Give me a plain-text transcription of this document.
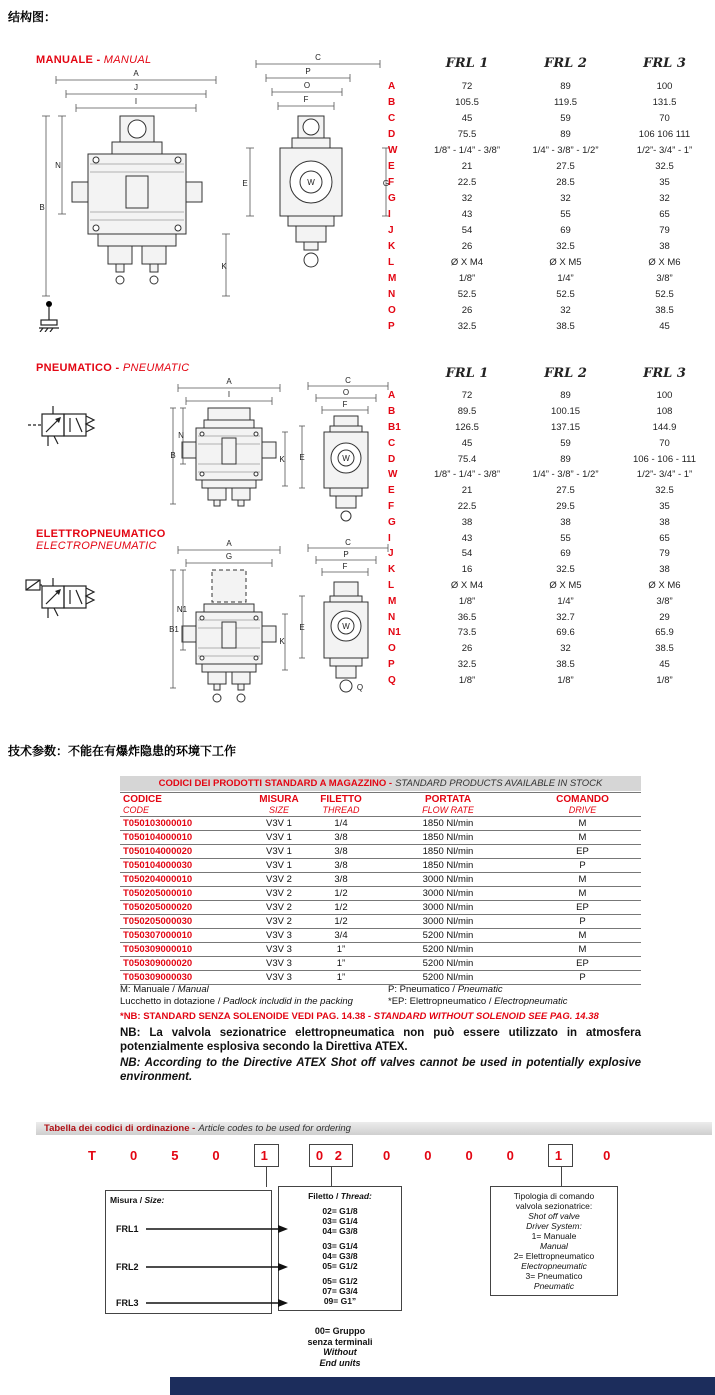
结构图：
MANUALE - MANUAL
A
J
I
B
N
K
C
P
O
F
G
E	W
	FRL 1	FRL 2	FRL 3
A	72	89	100
B	105.5	119.5	131.5
C	45	59	70
D	75.5	89	106 106 111
W	1/8” - 1/4” - 3/8”	1/4” - 3/8” - 1/2”	1/2”- 3/4” - 1”
E	21	27.5	32.5
F	22.5	28.5	35
G	32	32	32
I	43	55	65
J	54	69	79
K	26	32.5	38
L	Ø X M4	Ø X M5	Ø X M6
M	1/8”	1/4”	3/8”
N	52.5	52.5	52.5
O	26	32	38.5
P	32.5	38.5	45
PNEUMATICO - PNEUMATIC
A
I
B
N
K
C
O
F
E	W
ELETTROPNEUMATICO
ELECTROPNEUMATIC	A
G
B1
N1
K
C
P
F
E	W
Q
	FRL 1	FRL 2	FRL 3
A	72	89	100
B	89.5	100.15	108
B1	126.5	137.15	144.9
C	45	59	70
D	75.4	89	106 - 106 - 111
W	1/8” - 1/4” - 3/8”	1/4” - 3/8” - 1/2”	1/2”- 3/4” - 1”
E	21	27.5	32.5
F	22.5	29.5	35
G	38	38	38
I	43	55	65
J	54	69	79
K	16	32.5	38
L	Ø X M4	Ø X M5	Ø X M6
M	1/8”	1/4”	3/8”
N	36.5	32.7	29
N1	73.5	69.6	65.9
O	26	32	38.5
P	32.5	38.5	45
Q	1/8”	1/8”	1/8”
技术参数：不能在有爆炸隐患的环境下工作
CODICI DEI PRODOTTI STANDARD A MAGAZZINO - STANDARD PRODUCTS AVAILABLE IN STOCK
CODICE
CODE

MISURA
SIZE

FILETTO
THREAD

PORTATA
FLOW RATE

COMANDO
DRIVE

T050103000010	V3V 1	1/4	1850 Nl/min	M
T050104000010	V3V 1	3/8	1850 Nl/min	M
T050104000020	V3V 1	3/8	1850 Nl/min	EP
T050104000030	V3V 1	3/8	1850 Nl/min	P
T050204000010	V3V 2	3/8	3000 Nl/min	M
T050205000010	V3V 2	1/2	3000 Nl/min	M
T050205000020	V3V 2	1/2	3000 Nl/min	EP
T050205000030	V3V 2	1/2	3000 Nl/min	P
T050307000010	V3V 3	3/4	5200 Nl/min	M
T050309000010	V3V 3	1”	5200 Nl/min	M
T050309000020	V3V 3	1”	5200 Nl/min	EP
T050309000030	V3V 3	1”	5200 Nl/min	P
M: Manuale / Manual	P: Pneumatico / Pneumatic
Lucchetto in dotazione / Padlock includid in the packing	*EP: Elettropneumatico / Electropneumatic
*NB: STANDARD SENZA SOLENOIDE VEDI PAG. 14.38 - STANDARD WITHOUT SOLENOID SEE PAG. 14.38
NB: La valvola sezionatrice elettropneumatica non può essere utilizzato in atmosfera potenzialmente esplosiva secondo la Direttiva ATEX.
NB: According to the Directive ATEX Shot off valves cannot be used in potentially explosive environment.
Tabella dei codici di ordinazione - Article codes to be used for ordering
T 0 5 0	1	0 2	0 0 0 0	1	0
Misura / Size:
FRL1
FRL2
FRL3
Filetto / Thread:
02= G1/8
03= G1/4
04= G3/8
03= G1/4
04= G3/8
05= G1/2
05= G1/2
07= G3/4
09= G1”
00= Gruppo
senza terminali
Without
End units
Tipologia di comando
valvola sezionatrice:
Shot off valve
Driver System:
1= Manuale
Manual
2= Elettropneumatico
Electropneumatic
3= Pneumatico
Pneumatic
